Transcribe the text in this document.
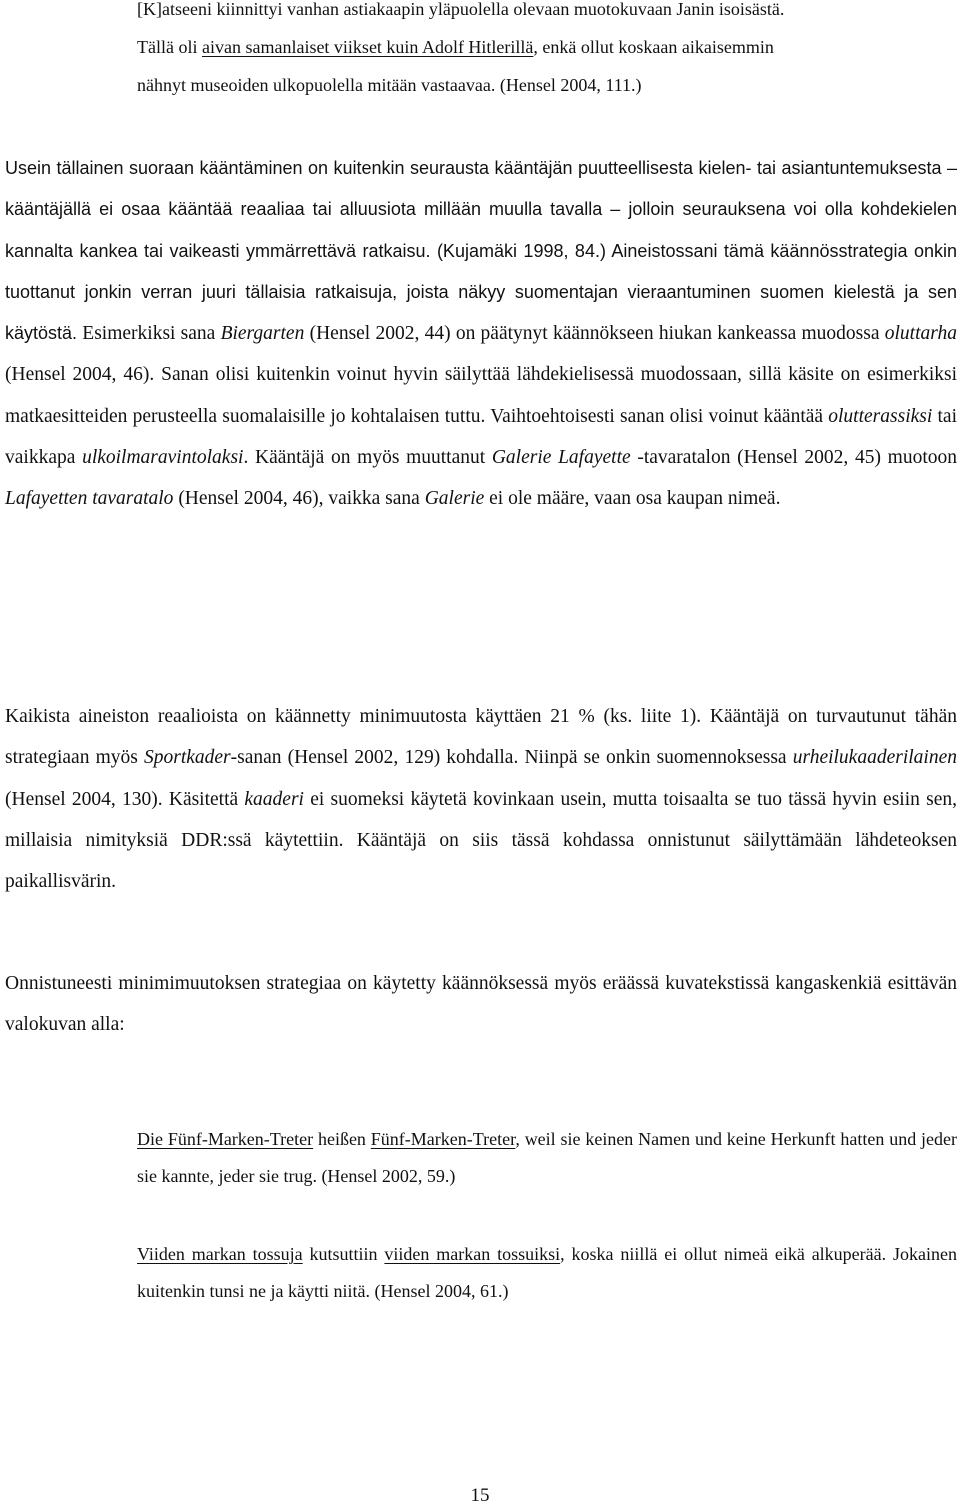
[K]atseeni kiinnittyi vanhan astiakaapin yläpuolella olevaan muotokuvaan Janin isoisästä.
Tällä oli aivan samanlaiset viikset kuin Adolf Hitlerillä, enkä ollut koskaan aikaisemmin
nähnyt museoiden ulkopuolella mitään vastaavaa. (Hensel 2004, 111.)

Usein tällainen suoraan kääntäminen on kuitenkin seurausta kääntäjän puutteellisesta kielen- tai asiantuntemuksesta – kääntäjällä ei osaa kääntää reaaliaa tai alluusiota millään muulla tavalla – jolloin seurauksena voi olla kohdekielen kannalta kankea tai vaikeasti ymmärrettävä ratkaisu. (Kujamäki 1998, 84.) Aineistossani tämä käännösstrategia onkin tuottanut jonkin verran juuri tällaisia ratkaisuja, joista näkyy suomentajan vieraantuminen suomen kielestä ja sen käytöstä. Esimerkiksi sana Biergarten (Hensel 2002, 44) on päätynyt käännökseen hiukan kankeassa muodossa oluttarha (Hensel 2004, 46). Sanan olisi kuitenkin voinut hyvin säilyttää lähdekielisessä muodossaan, sillä käsite on esimerkiksi matkaesitteiden perusteella suomalaisille jo kohtalaisen tuttu. Vaihtoehtoisesti sanan olisi voinut kääntää olutterassiksi tai vaikkapa ulkoilmaravintolaksi. Kääntäjä on myös muuttanut Galerie Lafayette -tavaratalon (Hensel 2002, 45) muotoon Lafayetten tavaratalo (Hensel 2004, 46), vaikka sana Galerie ei ole määre, vaan osa kaupan nimeä.

Kaikista aineiston reaalioista on käännetty minimuutosta käyttäen 21 % (ks. liite 1). Kääntäjä on turvautunut tähän strategiaan myös Sportkader-sanan (Hensel 2002, 129) kohdalla. Niinpä se onkin suomennoksessa urheilukaaderilainen (Hensel 2004, 130). Käsitettä kaaderi ei suomeksi käytetä kovinkaan usein, mutta toisaalta se tuo tässä hyvin esiin sen, millaisia nimityksiä DDR:ssä käytettiin. Kääntäjä on siis tässä kohdassa onnistunut säilyttämään lähdeteoksen paikallisvärin.

Onnistuneesti minimimuutoksen strategiaa on käytetty käännöksessä myös eräässä kuvatekstissä kangaskenkiä esittävän valokuvan alla:

Die Fünf-Marken-Treter heißen Fünf-Marken-Treter, weil sie keinen Namen und keine Herkunft hatten und jeder sie kannte, jeder sie trug. (Hensel 2002, 59.)

Viiden markan tossuja kutsuttiin viiden markan tossuiksi, koska niillä ei ollut nimeä eikä alkuperää. Jokainen kuitenkin tunsi ne ja käytti niitä. (Hensel 2004, 61.)

15
